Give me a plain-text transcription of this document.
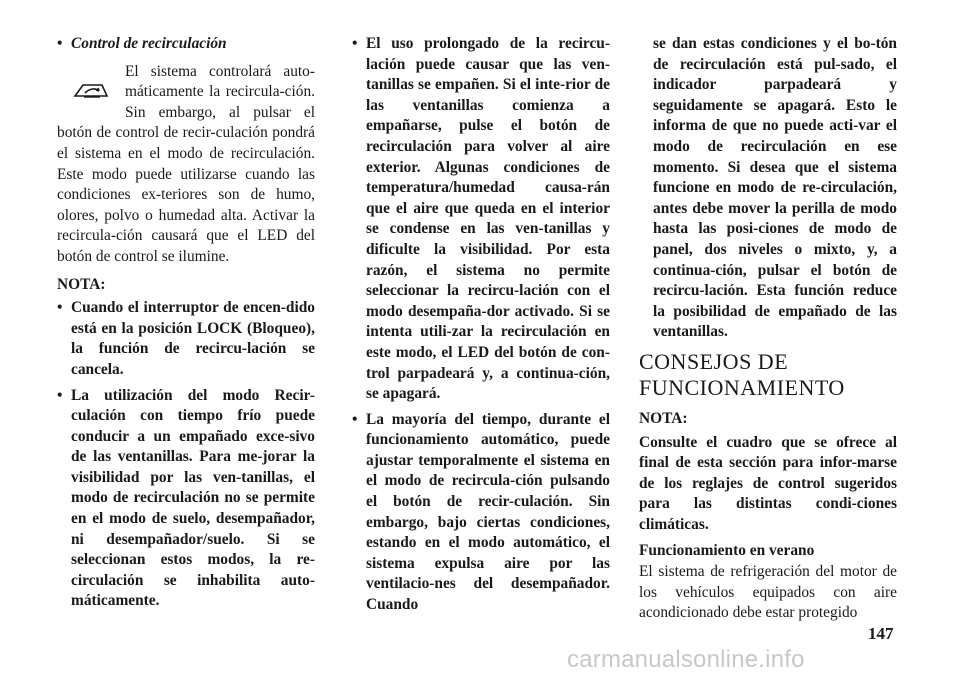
• Control de recirculación

El sistema controlará auto-máticamente la recircula-ción. Sin embargo, al pulsar el botón de control de recir-culación pondrá el sistema en el modo de recirculación. Este modo puede utilizarse cuando las condiciones ex-teriores son de humo, olores, polvo o humedad alta. Activar la recircula-ción causará que el LED del botón de control se ilumine.

NOTA:
• Cuando el interruptor de encen-dido está en la posición LOCK (Bloqueo), la función de recircu-lación se cancela.
• La utilización del modo Recir-culación con tiempo frío puede conducir a un empañado exce-sivo de las ventanillas. Para me-jorar la visibilidad por las ven-tanillas, el modo de recirculación no se permite en el modo de suelo, desempañador, ni desempañador/suelo. Si se seleccionan estos modos, la re-circulación se inhabilita auto-máticamente.
• El uso prolongado de la recircu-lación puede causar que las ven-tanillas se empañen. Si el inte-rior de las ventanillas comienza a empañarse, pulse el botón de recirculación para volver al aire exterior. Algunas condiciones de temperatura/humedad causa-rán que el aire que queda en el interior se condense en las ven-tanillas y dificulte la visibilidad. Por esta razón, el sistema no permite seleccionar la recircu-lación con el modo desempaña-dor activado. Si se intenta utili-zar la recirculación en este modo, el LED del botón de con-trol parpadeará y, a continua-ción, se apagará.
• La mayoría del tiempo, durante el funcionamiento automático, puede ajustar temporalmente el sistema en el modo de recircula-ción pulsando el botón de recir-culación. Sin embargo, bajo ciertas condiciones, estando en el modo automático, el sistema expulsa aire por las ventilacio-nes del desempañador. Cuando

se dan estas condiciones y el bo-tón de recirculación está pul-sado, el indicador parpadeará y seguidamente se apagará. Esto le informa de que no puede acti-var el modo de recirculación en ese momento. Si desea que el sistema funcione en modo de re-circulación, antes debe mover la perilla de modo hasta las posi-ciones de modo de panel, dos niveles o mixto, y, a continua-ción, pulsar el botón de recircu-lación. Esta función reduce la posibilidad de empañado de las ventanillas.

CONSEJOS DE
FUNCIONAMIENTO
NOTA:

Consulte el cuadro que se ofrece al final de esta sección para infor-marse de los reglajes de control sugeridos para las distintas condi-ciones climáticas.

Funcionamiento en verano

El sistema de refrigeración del motor de los vehículos equipados con aire acondicionado debe estar protegido

147
carmanualsonline.info
